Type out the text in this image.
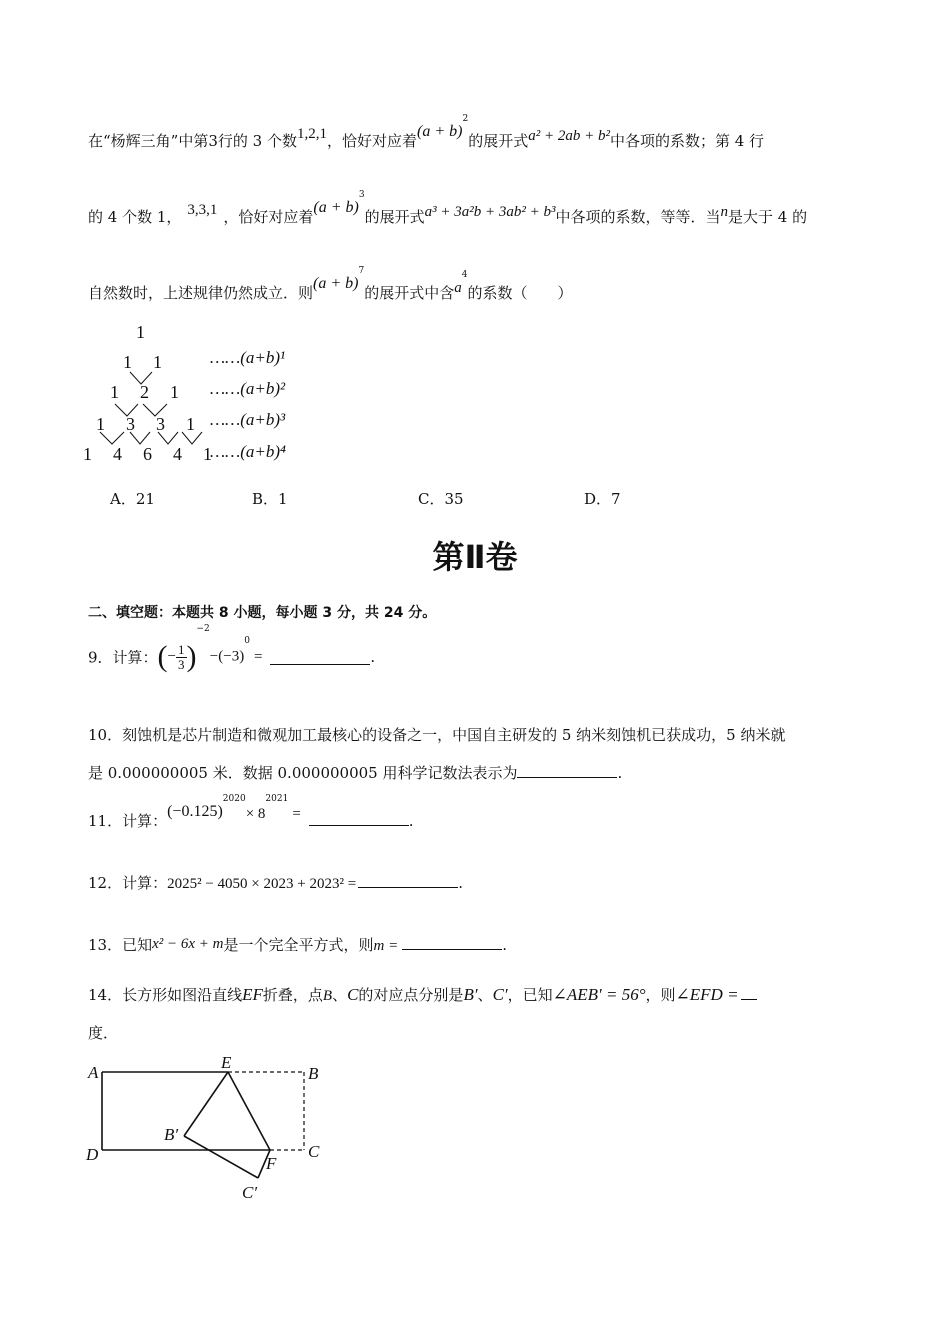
在“杨辉三角”中第3行的 3 个数1,2,1，恰好对应着$(a + b)^2$的展开式a² + 2ab + b²中各项的系数；第 4 行
的 4 个数 1， 3,3,1 ，恰好对应着$(a + b)^3$的展开式a³ + 3a²b + 3ab² + b³中各项的系数，等等．当n是大于 4 的
自然数时，上述规律仍然成立．则$(a + b)^7$的展开式中含$a^4$的系数（　　）
1
1  1
1  2  1
1  3  3  1
1  4  6  4  1
……(a+b)¹
……(a+b)²
……(a+b)³
……(a+b)⁴
A．21	B．1	C．35	D．7
第Ⅱ卷
二、填空题：本题共 8 小题，每小题 3 分，共 24 分。
9．计算：(− $\frac{1}{3} )^{-2}-(-3)^0=$	.
10．刻蚀机是芯片制造和微观加工最核心的设备之一，中国自主研发的 5 纳米刻蚀机已获成功，5 纳米就
是 0.000000005 米．数据 0.000000005 用科学记数法表示为	.
11．计算：$(-0.125)^{2020}\times 8^{2021}=$	.
12．计算：2025² − 4050 × 2023 + 2023² =	.
13．已知x² − 6x + m是一个完全平方式，则m =	.
14．长方形如图沿直线EF折叠，点B、C的对应点分别是B′、C′，已知∠AEB′ = 56°，则∠EFD =
度．
A	B
C
D
E
F
B′
C′
